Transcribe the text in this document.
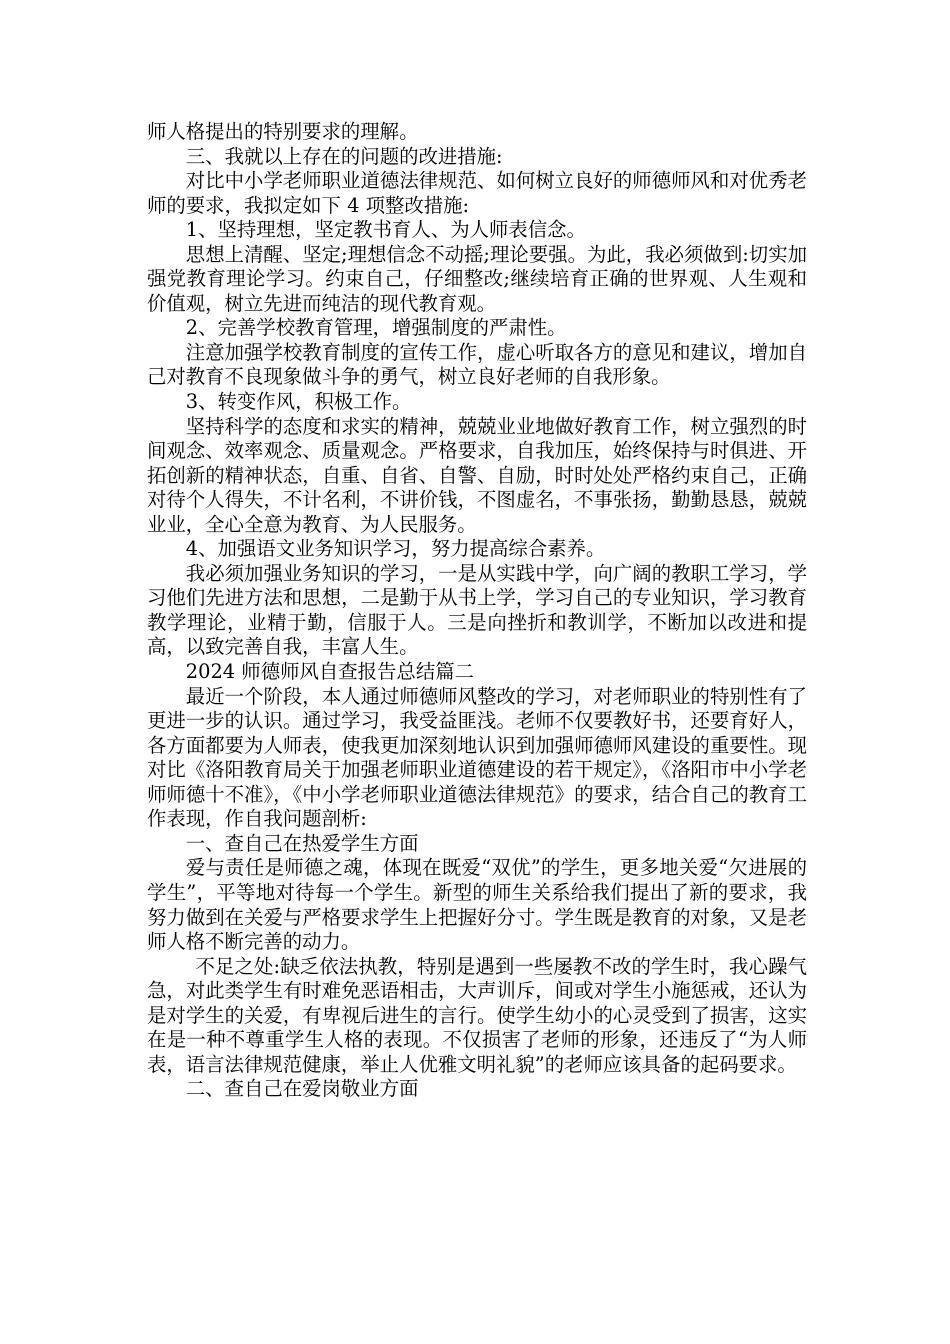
师人格提出的特别要求的理解。

三、我就以上存在的问题的改进措施:

对比中小学老师职业道德法律规范、如何树立良好的师德师风和对优秀老师的要求，我拟定如下 4 项整改措施:

1、坚持理想，坚定教书育人、为人师表信念。

思想上清醒、坚定;理想信念不动摇;理论要强。为此，我必须做到:切实加强党教育理论学习。约束自己，仔细整改;继续培育正确的世界观、人生观和价值观，树立先进而纯洁的现代教育观。

2、完善学校教育管理，增强制度的严肃性。

注意加强学校教育制度的宣传工作，虚心听取各方的意见和建议，增加自己对教育不良现象做斗争的勇气，树立良好老师的自我形象。

3、转变作风，积极工作。

坚持科学的态度和求实的精神，兢兢业业地做好教育工作，树立强烈的时间观念、效率观念、质量观念。严格要求，自我加压，始终保持与时俱进、开拓创新的精神状态，自重、自省、自警、自励，时时处处严格约束自己，正确对待个人得失，不计名利，不讲价钱，不图虚名，不事张扬，勤勤恳恳，兢兢业业，全心全意为教育、为人民服务。

4、加强语文业务知识学习，努力提高综合素养。

我必须加强业务知识的学习，一是从实践中学，向广阔的教职工学习，学习他们先进方法和思想，二是勤于从书上学，学习自己的专业知识，学习教育教学理论，业精于勤，信服于人。三是向挫折和教训学，不断加以改进和提高，以致完善自我，丰富人生。

2024 师德师风自查报告总结篇二

最近一个阶段，本人通过师德师风整改的学习，对老师职业的特别性有了更进一步的认识。通过学习，我受益匪浅。老师不仅要教好书，还要育好人，各方面都要为人师表，使我更加深刻地认识到加强师德师风建设的重要性。现对比《洛阳教育局关于加强老师职业道德建设的若干规定》，《洛阳市中小学老师师德十不准》，《中小学老师职业道德法律规范》的要求，结合自己的教育工作表现，作自我问题剖析:

一、查自己在热爱学生方面

爱与责任是师德之魂，体现在既爱“双优”的学生，更多地关爱“欠进展的学生”，平等地对待每一个学生。新型的师生关系给我们提出了新的要求，我努力做到在关爱与严格要求学生上把握好分寸。学生既是教育的对象，又是老师人格不断完善的动力。

不足之处:缺乏依法执教，特别是遇到一些屡教不改的学生时，我心躁气急，对此类学生有时难免恶语相击，大声训斥，间或对学生小施惩戒，还认为是对学生的关爱，有卑视后进生的言行。使学生幼小的心灵受到了损害，这实在是一种不尊重学生人格的表现。不仅损害了老师的形象，还违反了“为人师表，语言法律规范健康，举止人优雅文明礼貌”的老师应该具备的起码要求。

二、查自己在爱岗敬业方面
